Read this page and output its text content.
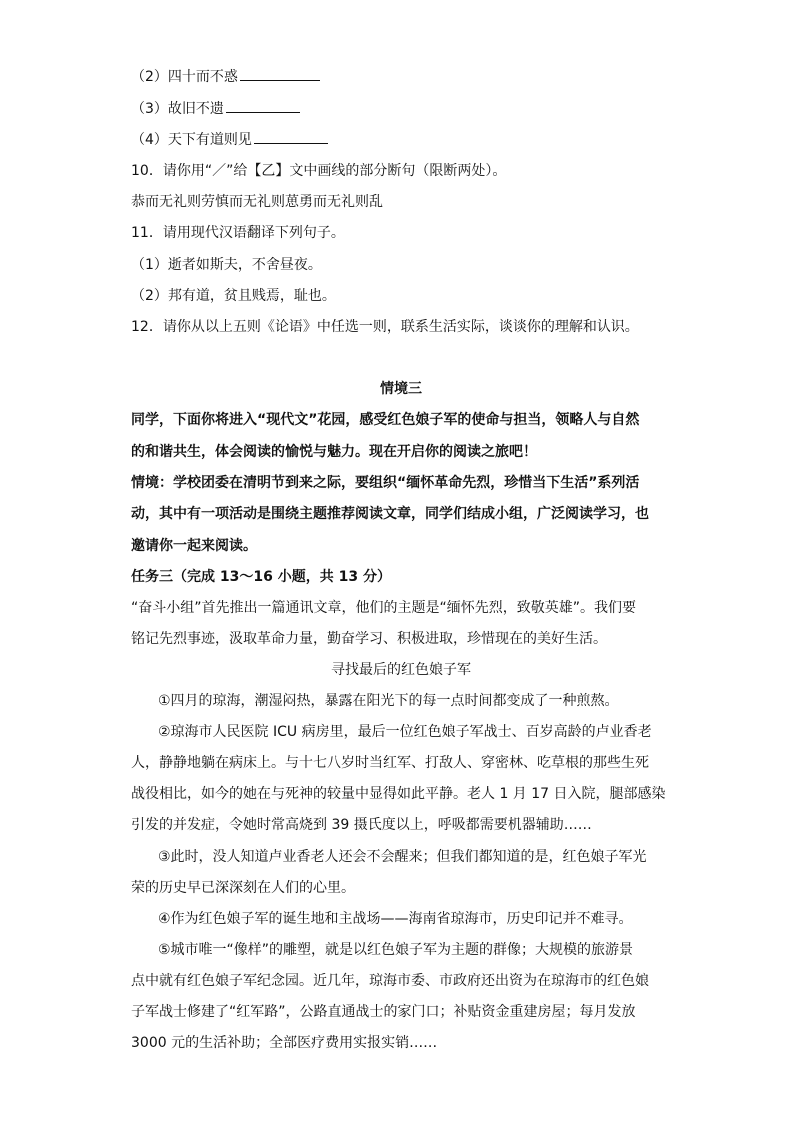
（2）四十而不惑
（3）故旧不遗
（4）天下有道则见
10．请你用“／”给【乙】文中画线的部分断句（限断两处）。
恭而无礼则劳慎而无礼则葸勇而无礼则乱
11．请用现代汉语翻译下列句子。
（1）逝者如斯夫，不舍昼夜。
（2）邦有道，贫且贱焉，耻也。
12．请你从以上五则《论语》中任选一则，联系生活实际，谈谈你的理解和认识。
情境三
同学，下面你将进入“现代文”花园，感受红色娘子军的使命与担当，领略人与自然
的和谐共生，体会阅读的愉悦与魅力。现在开启你的阅读之旅吧！
情境：学校团委在清明节到来之际，要组织“缅怀革命先烈，珍惜当下生活”系列活
动，其中有一项活动是围绕主题推荐阅读文章，同学们结成小组，广泛阅读学习，也
邀请你一起来阅读。
任务三（完成 13～16 小题，共 13 分）
“奋斗小组”首先推出一篇通讯文章，他们的主题是“缅怀先烈，致敬英雄”。我们要
铭记先烈事迹，汲取革命力量，勤奋学习、积极进取，珍惜现在的美好生活。
寻找最后的红色娘子军
①四月的琼海，潮湿闷热，暴露在阳光下的每一点时间都变成了一种煎熬。
②琼海市人民医院 ICU 病房里，最后一位红色娘子军战士、百岁高龄的卢业香老
人，静静地躺在病床上。与十七八岁时当红军、打敌人、穿密林、吃草根的那些生死
战役相比，如今的她在与死神的较量中显得如此平静。老人 1 月 17 日入院，腿部感染
引发的并发症，令她时常高烧到 39 摄氏度以上，呼吸都需要机器辅助……
③此时，没人知道卢业香老人还会不会醒来；但我们都知道的是，红色娘子军光
荣的历史早已深深刻在人们的心里。
④作为红色娘子军的诞生地和主战场——海南省琼海市，历史印记并不难寻。
⑤城市唯一“像样”的雕塑，就是以红色娘子军为主题的群像；大规模的旅游景
点中就有红色娘子军纪念园。近几年，琼海市委、市政府还出资为在琼海市的红色娘
子军战士修建了“红军路”，公路直通战士的家门口；补贴资金重建房屋；每月发放
3000 元的生活补助；全部医疗费用实报实销……
